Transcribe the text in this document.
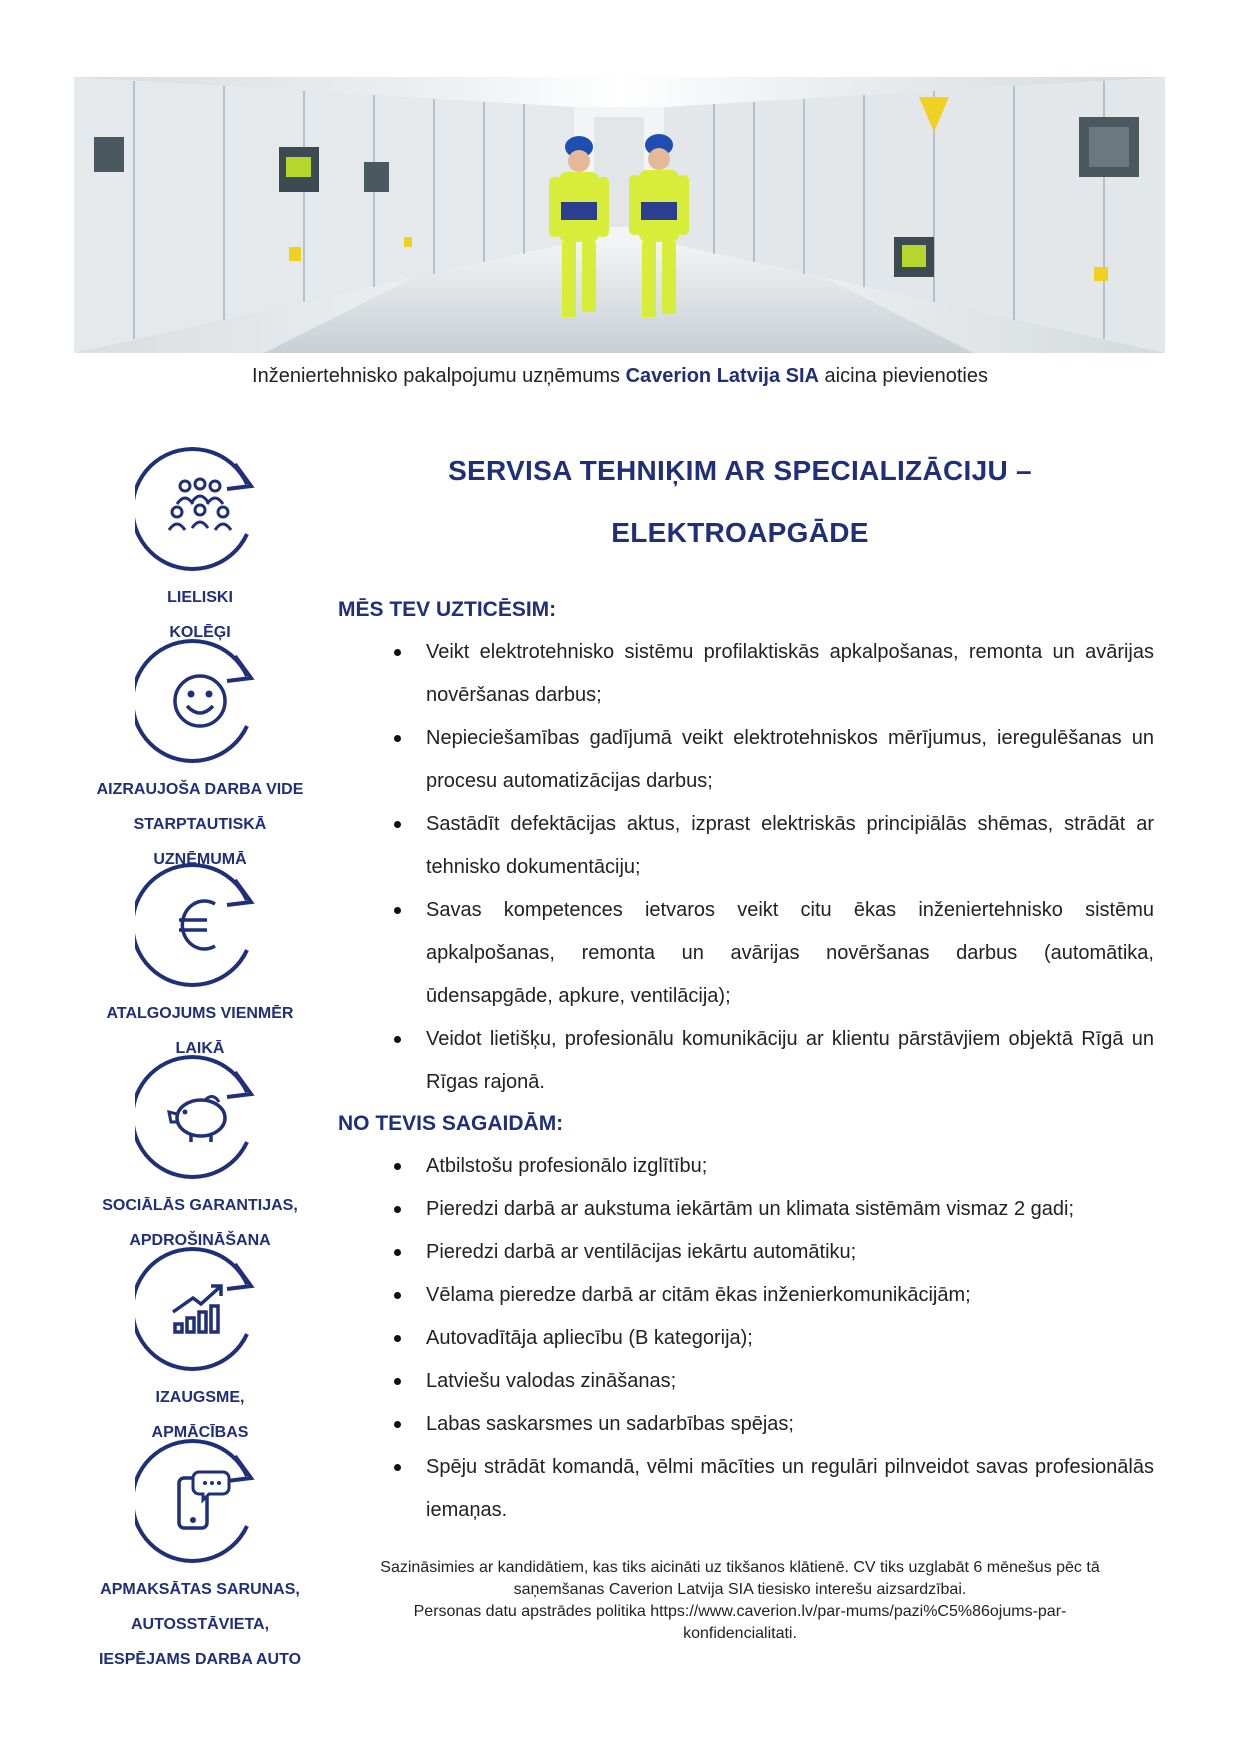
Inženiertehnisko pakalpojumu uzņēmums Caverion Latvija SIA aicina pievienoties
SERVISA TEHNIĶIM AR SPECIALIZĀCIJU –
ELEKTROAPGĀDE
MĒS TEV UZTICĒSIM:
Veikt elektrotehnisko sistēmu profilaktiskās apkalpošanas, remonta un avārijas novēršanas darbus;
Nepieciešamības gadījumā veikt elektrotehniskos mērījumus, ieregulēšanas un procesu automatizācijas darbus;
Sastādīt defektācijas aktus, izprast elektriskās principiālās shēmas, strādāt ar tehnisko dokumentāciju;
Savas kompetences ietvaros veikt citu ēkas inženiertehnisko sistēmu apkalpošanas, remonta un avārijas novēršanas darbus (automātika, ūdensapgāde, apkure, ventilācija);
Veidot lietišķu, profesionālu komunikāciju ar klientu pārstāvjiem objektā Rīgā un Rīgas rajonā.
NO TEVIS SAGAIDĀM:
Atbilstošu profesionālo izglītību;
Pieredzi darbā ar aukstuma iekārtām un klimata sistēmām vismaz 2 gadi;
Pieredzi darbā ar ventilācijas iekārtu automātiku;
Vēlama pieredze darbā ar citām ēkas inženierkomunikācijām;
Autovadītāja apliecību (B kategorija);
Latviešu valodas zināšanas;
Labas saskarsmes un sadarbības spējas;
Spēju strādāt komandā, vēlmi mācīties un regulāri pilnveidot savas profesionālās iemaņas.
LIELISKI
KOLĒĢI
AIZRAUJOŠA DARBA VIDE
STARPTAUTISKĀ
UZŅĒMUMĀ
ATALGOJUMS VIENMĒR
LAIKĀ
SOCIĀLĀS GARANTIJAS,
APDROŠINĀŠANA
IZAUGSME,
APMĀCĪBAS
APMAKSĀTAS SARUNAS,
AUTOSSTĀVIETA,
IESPĒJAMS DARBA AUTO
Sazināsimies ar kandidātiem, kas tiks aicināti uz tikšanos klātienē. CV tiks uzglabāt 6 mēnešus pēc tā
saņemšanas Caverion Latvija SIA tiesisko interešu aizsardzībai.
Personas datu apstrādes politika https://www.caverion.lv/par-mums/pazi%C5%86ojums-par-
konfidencialitati.
